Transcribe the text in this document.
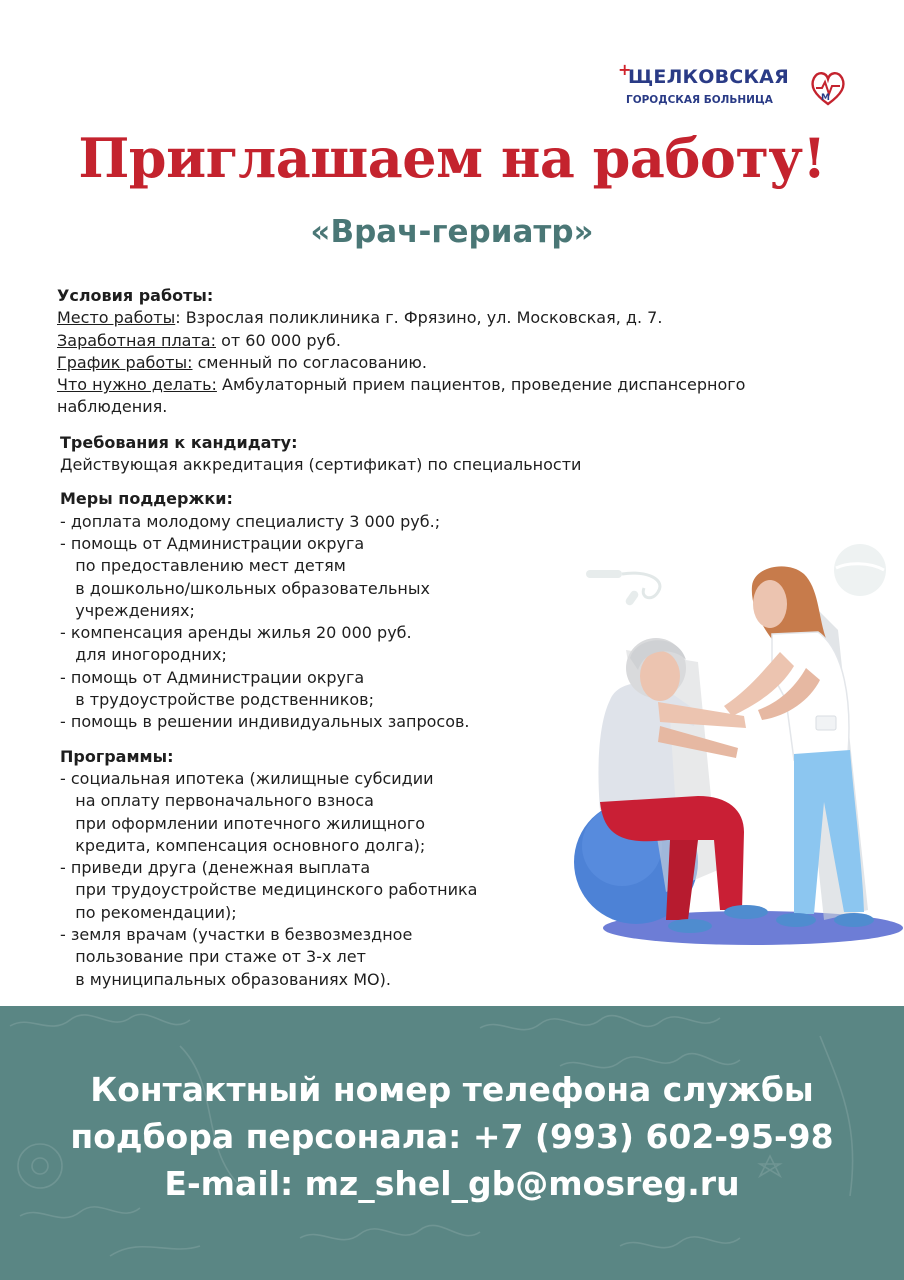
+
ЩЕЛКОВСКАЯ
ГОРОДСКАЯ БОЛЬНИЦА	М
Приглашаем на работу!
«Врач-гериатр»
Условия работы:
Место работы: Взрослая поликлиника г. Фрязино, ул. Московская, д. 7.
Заработная плата: от 60 000 руб.
График работы: сменный по согласованию.
Что нужно делать: Амбулаторный прием пациентов, проведение диспансерного
наблюдения.
Требования к кандидату:
Действующая аккредитация (сертификат) по специальности
Меры поддержки:
- доплата молодому специалисту 3 000 руб.;
- помощь от Администрации округа
по предоставлению мест детям
в дошкольно/школьных образовательных
учреждениях;
- компенсация аренды жилья 20 000 руб.
для иногородних;
- помощь от Администрации округа
в трудоустройстве родственников;
- помощь в решении индивидуальных запросов.
Программы:
- социальная ипотека (жилищные субсидии
на оплату первоначального взноса
при оформлении ипотечного жилищного
кредита, компенсация основного долга);
- приведи друга (денежная выплата
при трудоустройстве медицинского работника
по рекомендации);
- земля врачам (участки в безвозмездное
пользование при стаже от 3-х лет
в муниципальных образованиях МО).
Контактный номер телефона службы
подбора персонала: +7 (993) 602-95-98
E-mail: mz_shel_gb@mosreg.ru
